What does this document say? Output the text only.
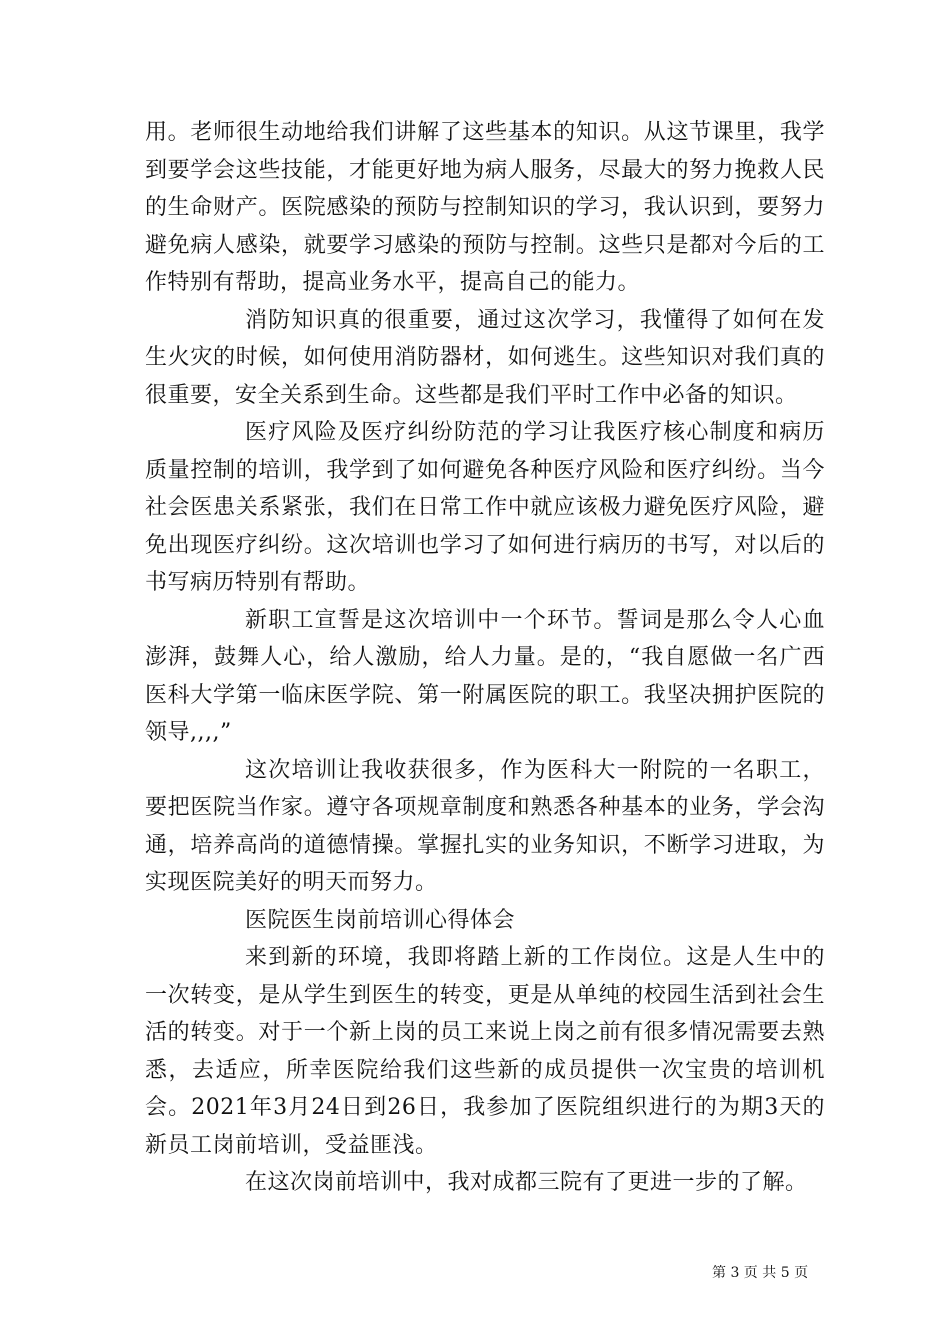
用。老师很生动地给我们讲解了这些基本的知识。从这节课里，我学到要学会这些技能，才能更好地为病人服务，尽最大的努力挽救人民的生命财产。医院感染的预防与控制知识的学习，我认识到，要努力避免病人感染，就要学习感染的预防与控制。这些只是都对今后的工作特别有帮助，提高业务水平，提高自己的能力。

消防知识真的很重要，通过这次学习，我懂得了如何在发生火灾的时候，如何使用消防器材，如何逃生。这些知识对我们真的很重要，安全关系到生命。这些都是我们平时工作中必备的知识。

医疗风险及医疗纠纷防范的学习让我医疗核心制度和病历质量控制的培训，我学到了如何避免各种医疗风险和医疗纠纷。当今社会医患关系紧张，我们在日常工作中就应该极力避免医疗风险，避免出现医疗纠纷。这次培训也学习了如何进行病历的书写，对以后的书写病历特别有帮助。

新职工宣誓是这次培训中一个环节。誓词是那么令人心血澎湃，鼓舞人心，给人激励，给人力量。是的，“我自愿做一名广西医科大学第一临床医学院、第一附属医院的职工。我坚决拥护医院的领导,,,,”

这次培训让我收获很多，作为医科大一附院的一名职工，要把医院当作家。遵守各项规章制度和熟悉各种基本的业务，学会沟通，培养高尚的道德情操。掌握扎实的业务知识，不断学习进取，为实现医院美好的明天而努力。

医院医生岗前培训心得体会

来到新的环境，我即将踏上新的工作岗位。这是人生中的一次转变，是从学生到医生的转变，更是从单纯的校园生活到社会生活的转变。对于一个新上岗的员工来说上岗之前有很多情况需要去熟悉，去适应，所幸医院给我们这些新的成员提供一次宝贵的培训机会。2021年3月24日到26日，我参加了医院组织进行的为期3天的新员工岗前培训，受益匪浅。

在这次岗前培训中，我对成都三院有了更进一步的了解。

第 3 页 共 5 页
